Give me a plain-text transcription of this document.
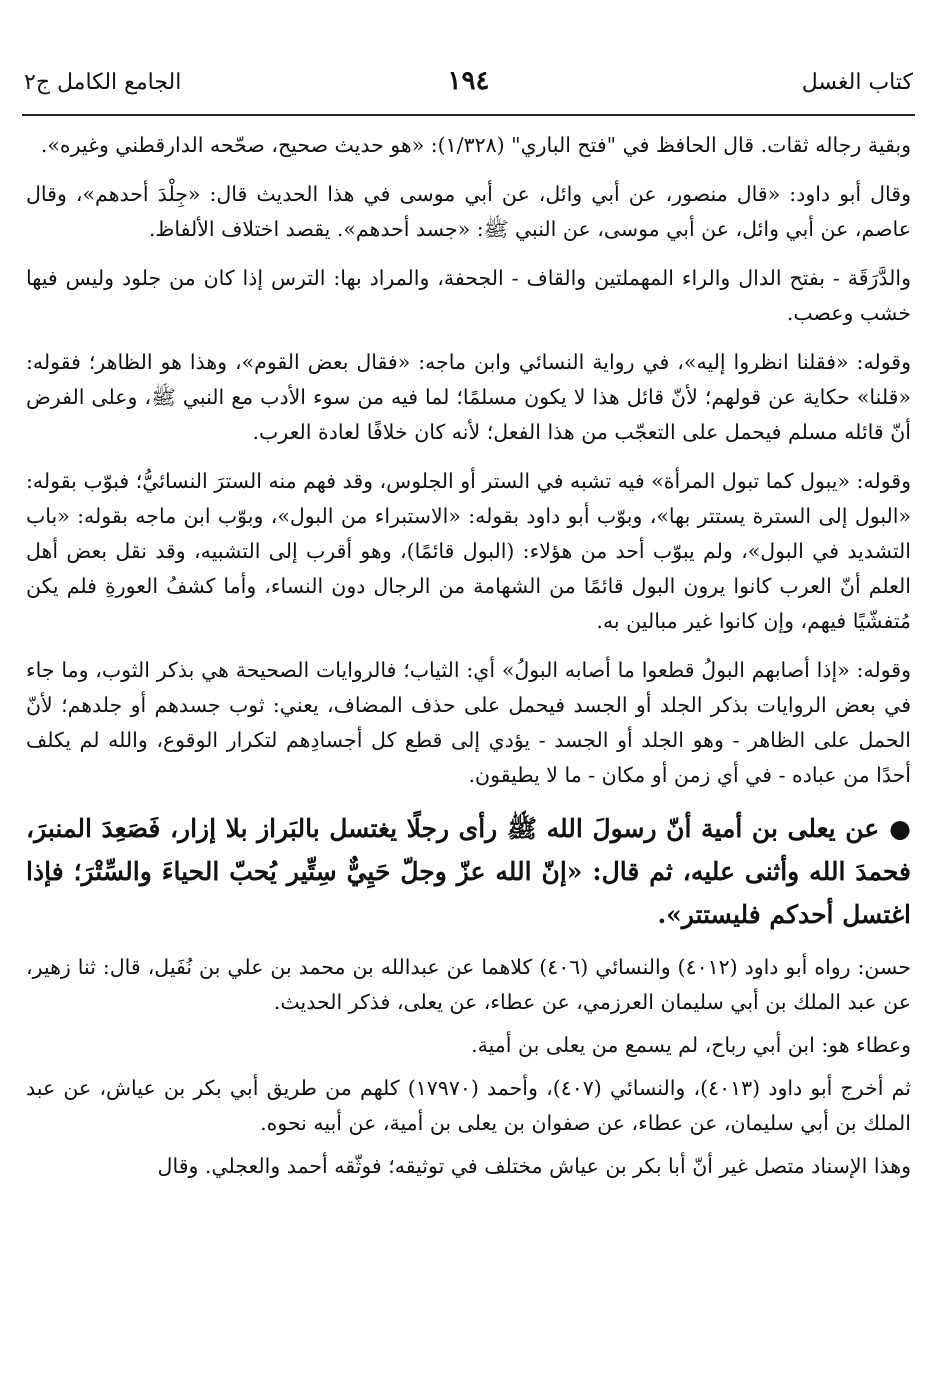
كتاب الغسل
١٩٤
الجامع الكامل ج٢

وبقية رجاله ثقات. قال الحافظ في "فتح الباري" (١/٣٢٨): «هو حديث صحيح، صحّحه الدارقطني وغيره».

وقال أبو داود: «قال منصور، عن أبي وائل، عن أبي موسى في هذا الحديث قال: «جِلْدَ أحدهم»، وقال عاصم، عن أبي وائل، عن أبي موسى، عن النبي ﷺ: «جسد أحدهم». يقصد اختلاف الألفاظ.

والدَّرَقَة - بفتح الدال والراء المهملتين والقاف - الجحفة، والمراد بها: الترس إذا كان من جلود وليس فيها خشب وعصب.

وقوله: «فقلنا انظروا إليه»، في رواية النسائي وابن ماجه: «فقال بعض القوم»، وهذا هو الظاهر؛ فقوله: «قلنا» حكاية عن قولهم؛ لأنّ قائل هذا لا يكون مسلمًا؛ لما فيه من سوء الأدب مع النبي ﷺ، وعلى الفرض أنّ قائله مسلم فيحمل على التعجّب من هذا الفعل؛ لأنه كان خلافًا لعادة العرب.

وقوله: «يبول كما تبول المرأة» فيه تشبه في الستر أو الجلوس، وقد فهم منه السترَ النسائيُّ؛ فبوّب بقوله: «البول إلى السترة يستتر بها»، وبوّب أبو داود بقوله: «الاستبراء من البول»، وبوّب ابن ماجه بقوله: «باب التشديد في البول»، ولم يبوّب أحد من هؤلاء: (البول قائمًا)، وهو أقرب إلى التشبيه، وقد نقل بعض أهل العلم أنّ العرب كانوا يرون البول قائمًا من الشهامة من الرجال دون النساء، وأما كشفُ العورةِ فلم يكن مُتفشّيًا فيهم، وإن كانوا غير مبالين به.

وقوله: «إذا أصابهم البولُ قطعوا ما أصابه البولُ» أي: الثياب؛ فالروايات الصحيحة هي بذكر الثوب، وما جاء في بعض الروايات بذكر الجلد أو الجسد فيحمل على حذف المضاف، يعني: ثوب جسدهم أو جلدهم؛ لأنّ الحمل على الظاهر - وهو الجلد أو الجسد - يؤدي إلى قطع كل أجسادِهم لتكرار الوقوع، والله لم يكلف أحدًا من عباده - في أي زمن أو مكان - ما لا يطيقون.

●عن يعلى بن أمية أنّ رسولَ الله ﷺ رأى رجلًا يغتسل بالبَراز بلا إزار، فَصَعِدَ المنبرَ، فحمدَ الله وأثنى عليه، ثم قال: «إنّ الله عزّ وجلّ حَيِيٌّ سِتِّير يُحبّ الحياءَ والسِّتْرَ؛ فإذا اغتسل أحدكم فليستتر».

حسن: رواه أبو داود (٤٠١٢) والنسائي (٤٠٦) كلاهما عن عبدالله بن محمد بن علي بن نُفَيل، قال: ثنا زهير، عن عبد الملك بن أبي سليمان العرزمي، عن عطاء، عن يعلى، فذكر الحديث.

وعطاء هو: ابن أبي رباح، لم يسمع من يعلى بن أمية.

ثم أخرج أبو داود (٤٠١٣)، والنسائي (٤٠٧)، وأحمد (١٧٩٧٠) كلهم من طريق أبي بكر بن عياش، عن عبد الملك بن أبي سليمان، عن عطاء، عن صفوان بن يعلى بن أمية، عن أبيه نحوه.

وهذا الإسناد متصل غير أنّ أبا بكر بن عياش مختلف في توثيقه؛ فوثّقه أحمد والعجلي. وقال
